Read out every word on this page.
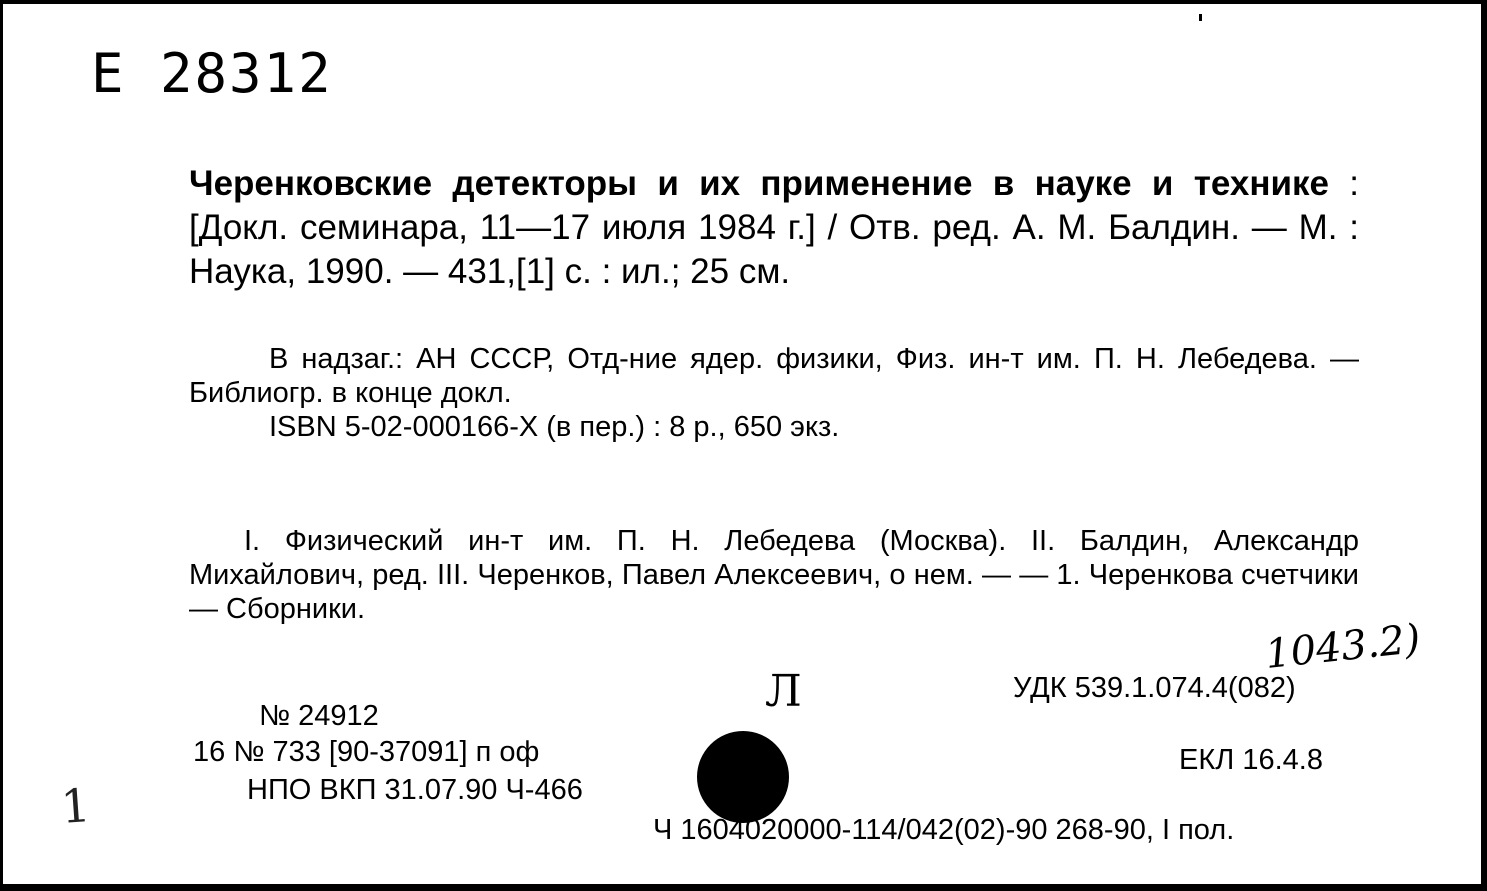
Е 28312
Черенковские детекторы и их применение в науке и технике : [Докл. семинара, 11—17 июля 1984 г.] / Отв. ред. А. М. Балдин. — М. : Наука, 1990. — 431,[1] с. : ил.; 25 см.
В надзаг.: АН СССР, Отд-ние ядер. физики, Физ. ин-т им. П. Н. Лебедева. — Библиогр. в конце докл.
ISBN 5-02-000166-X (в пер.) : 8 р., 650 экз.
I. Физический ин-т им. П. Н. Лебедева (Москва). II. Балдин, Александр Михайлович, ред. III. Черенков, Павел Алексеевич, о нем. — — 1. Черенкова счетчики — Сборники.
1043.2)
Л	УДК 539.1.074.4(082)
№ 24912
16 № 733 [90-37091] п оф	ЕКЛ 16.4.8
НПО ВКП 31.07.90 Ч-466
Ч 1604020000-114/042(02)-90 268-90, I пол.
1
